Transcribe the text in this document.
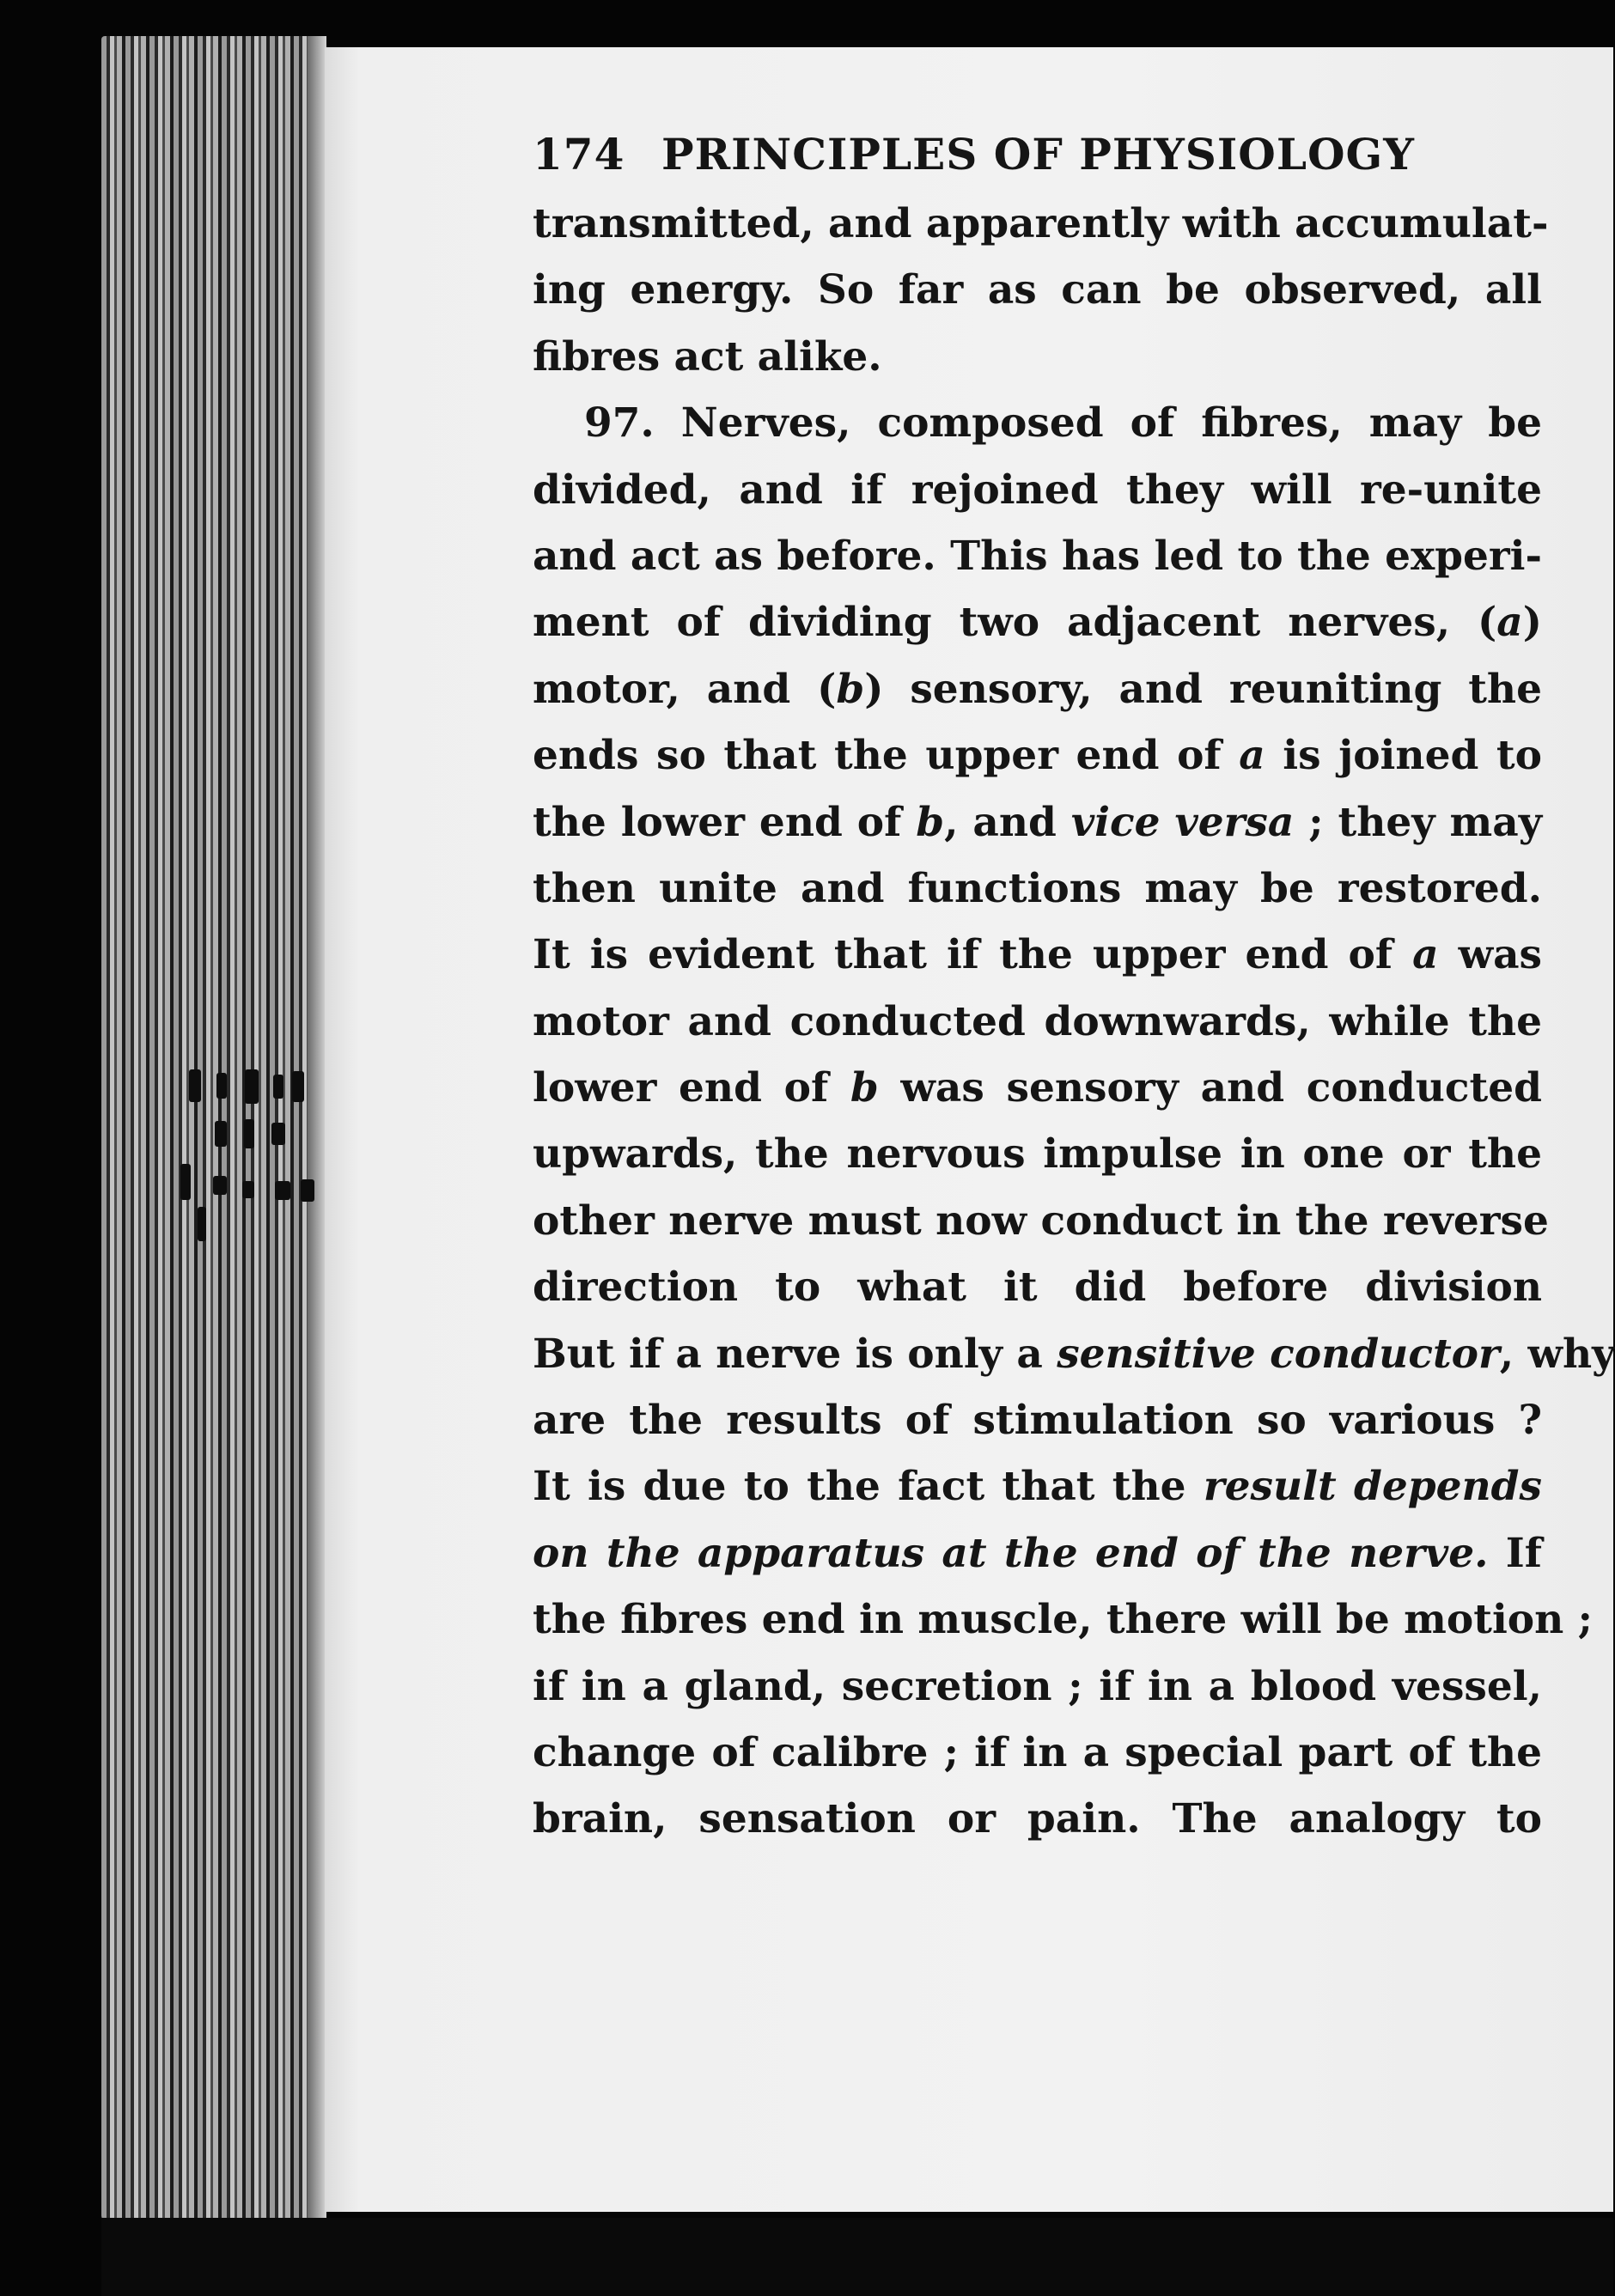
174 PRINCIPLES OF PHYSIOLOGY
transmitted, and apparently with accumulat-
ing energy. So far as can be observed, all
fibres act alike.
97. Nerves, composed of fibres, may be
divided, and if rejoined they will re-unite
and act as before. This has led to the experi-
ment of dividing two adjacent nerves, (a)
motor, and (b) sensory, and reuniting the
ends so that the upper end of a is joined to
the lower end of b, and vice versa ; they may
then unite and functions may be restored.
It is evident that if the upper end of a was
motor and conducted downwards, while the
lower end of b was sensory and conducted
upwards, the nervous impulse in one or the
other nerve must now conduct in the reverse
direction to what it did before division
But if a nerve is only a sensitive conductor, why
are the results of stimulation so various ?
It is due to the fact that the result depends
on the apparatus at the end of the nerve. If
the fibres end in muscle, there will be motion ;
if in a gland, secretion ; if in a blood vessel,
change of calibre ; if in a special part of the
brain, sensation or pain. The analogy to
